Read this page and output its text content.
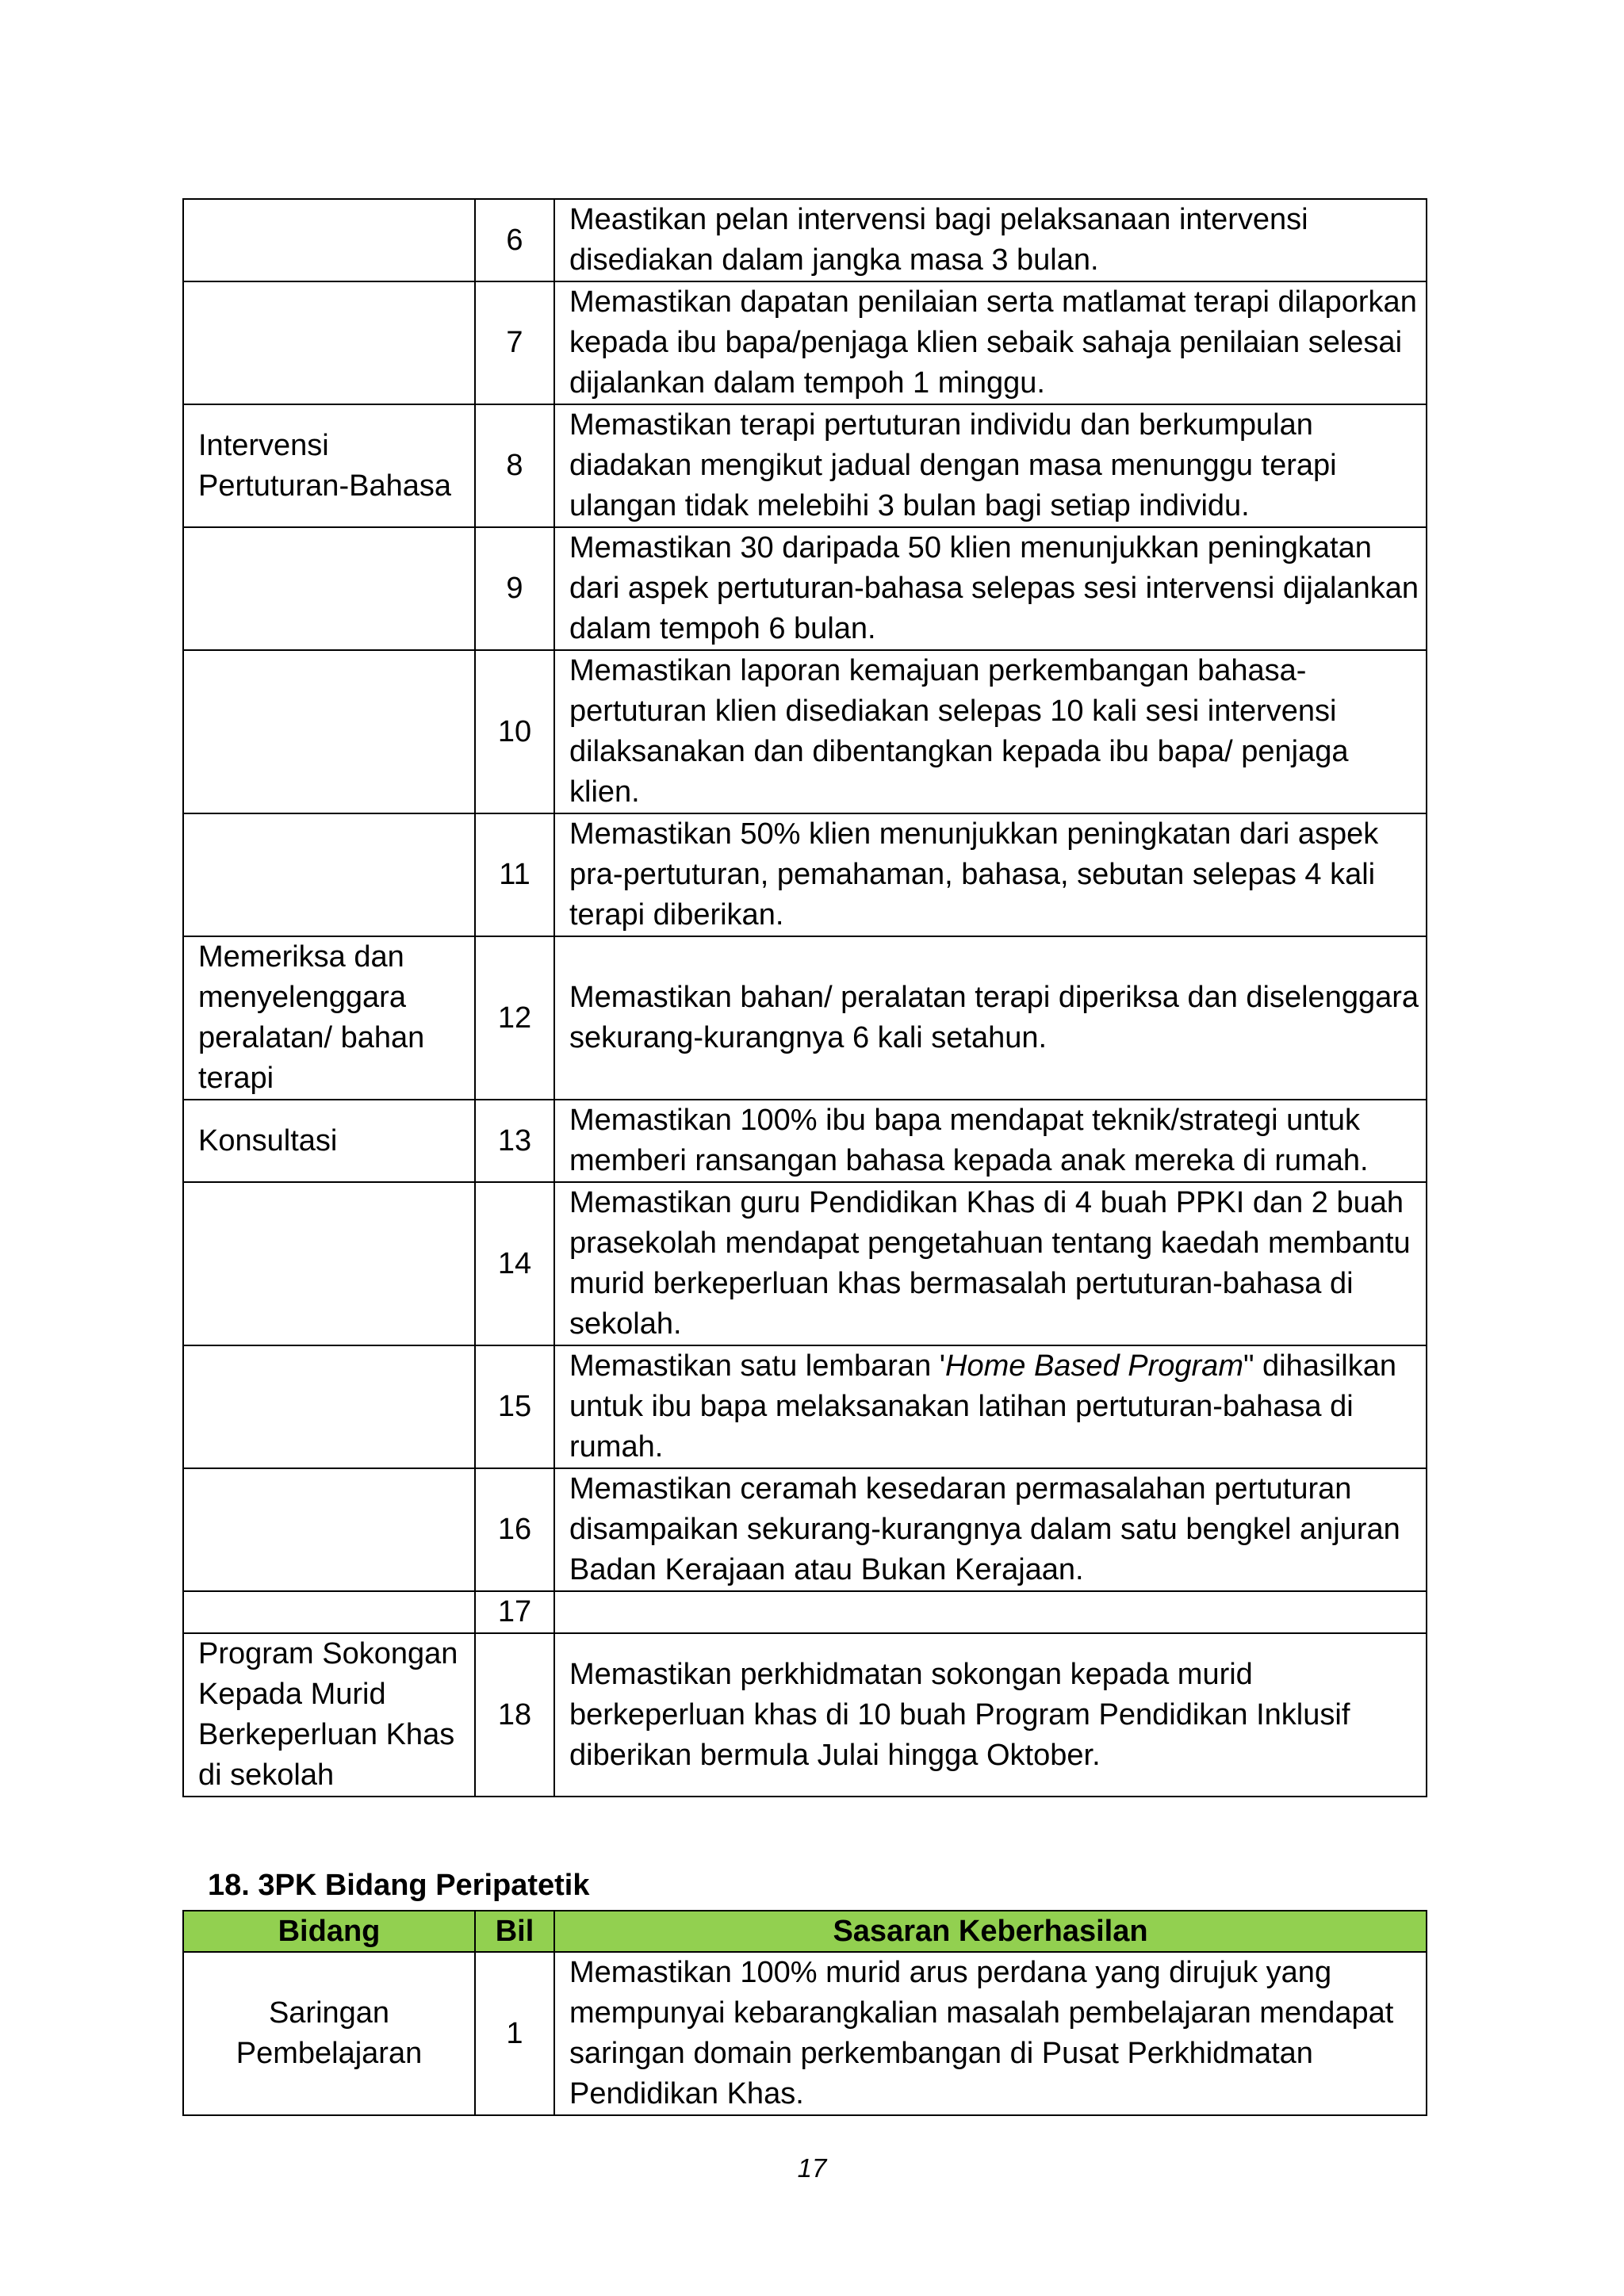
	6	Meastikan pelan intervensi bagi pelaksanaan intervensi disediakan dalam jangka masa 3 bulan.
	7	Memastikan dapatan penilaian serta matlamat terapi dilaporkan kepada ibu bapa/penjaga klien sebaik sahaja penilaian selesai dijalankan dalam tempoh 1 minggu.
Intervensi Pertuturan-Bahasa	8	Memastikan terapi pertuturan individu dan berkumpulan diadakan mengikut jadual dengan masa menunggu terapi ulangan tidak melebihi 3 bulan bagi setiap individu.
	9	Memastikan 30 daripada 50 klien menunjukkan peningkatan dari aspek pertuturan-bahasa selepas sesi intervensi dijalankan dalam tempoh 6 bulan.
	10	Memastikan laporan kemajuan perkembangan bahasa-pertuturan klien disediakan selepas 10 kali sesi intervensi dilaksanakan dan dibentangkan kepada ibu bapa/ penjaga klien.
	11	Memastikan 50% klien menunjukkan peningkatan dari aspek pra-pertuturan, pemahaman, bahasa, sebutan selepas 4 kali terapi diberikan.
Memeriksa dan menyelenggara peralatan/ bahan terapi	12	Memastikan bahan/ peralatan terapi diperiksa dan diselenggara sekurang-kurangnya 6 kali setahun.
Konsultasi	13	Memastikan 100% ibu bapa mendapat teknik/strategi untuk memberi ransangan bahasa kepada anak mereka di rumah.
	14	Memastikan guru Pendidikan Khas di 4 buah PPKI dan 2 buah prasekolah mendapat pengetahuan tentang kaedah membantu murid berkeperluan khas bermasalah pertuturan-bahasa di sekolah.
	15	Memastikan satu lembaran 'Home Based Program" dihasilkan untuk ibu bapa melaksanakan latihan pertuturan-bahasa di rumah.
	16	Memastikan ceramah kesedaran permasalahan pertuturan disampaikan sekurang-kurangnya dalam satu bengkel anjuran Badan Kerajaan atau Bukan Kerajaan.
	17	
Program Sokongan Kepada Murid Berkeperluan Khas di sekolah	18	Memastikan perkhidmatan sokongan kepada murid berkeperluan khas di 10 buah Program Pendidikan Inklusif diberikan bermula Julai hingga Oktober.
18. 3PK Bidang Peripatetik
Bidang	Bil	Sasaran Keberhasilan
Saringan Pembelajaran	1	Memastikan 100% murid arus perdana yang dirujuk yang mempunyai kebarangkalian masalah pembelajaran mendapat saringan domain perkembangan di Pusat Perkhidmatan Pendidikan Khas.
17
